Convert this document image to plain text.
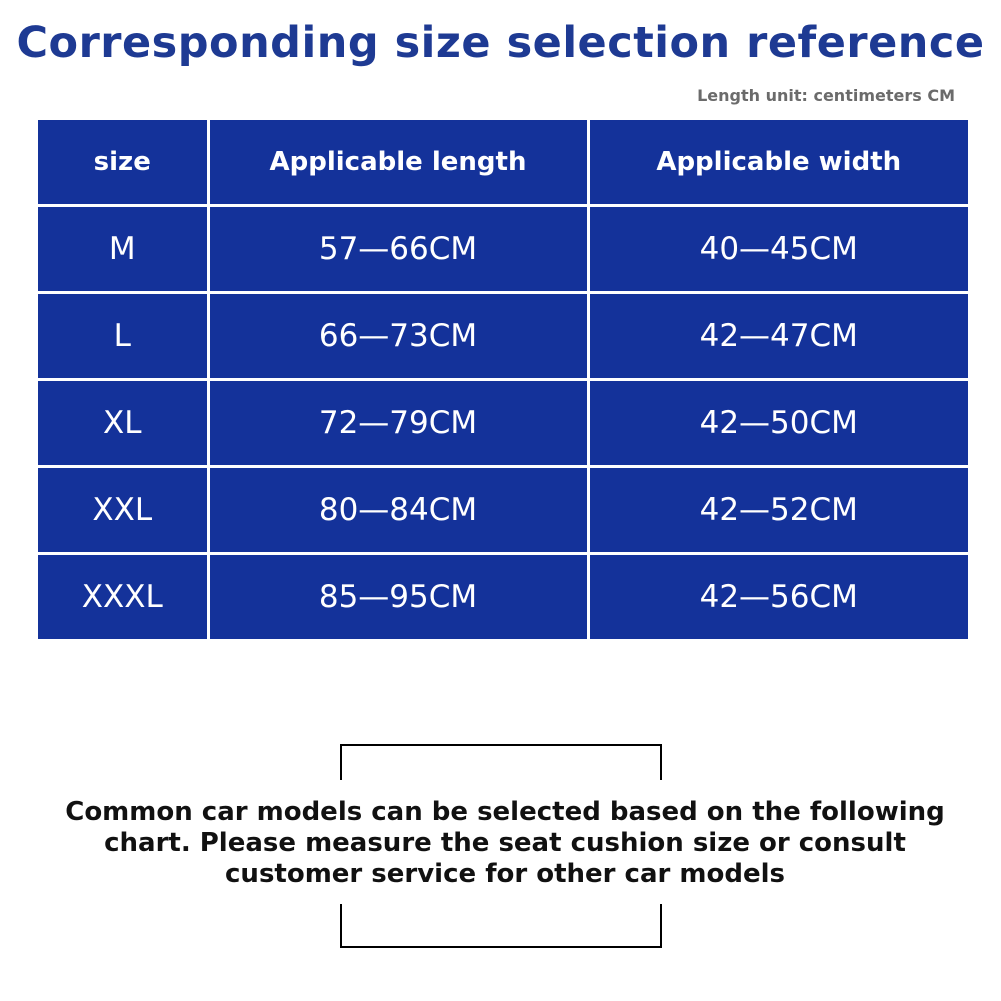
Corresponding size selection reference
Length unit: centimeters CM
size	Applicable length	Applicable width
M	57—66CM	40—45CM
L	66—73CM	42—47CM
XL	72—79CM	42—50CM
XXL	80—84CM	42—52CM
XXXL	85—95CM	42—56CM
Common car models can be selected based on the following
chart. Please measure the seat cushion size or consult
customer service for other car models
